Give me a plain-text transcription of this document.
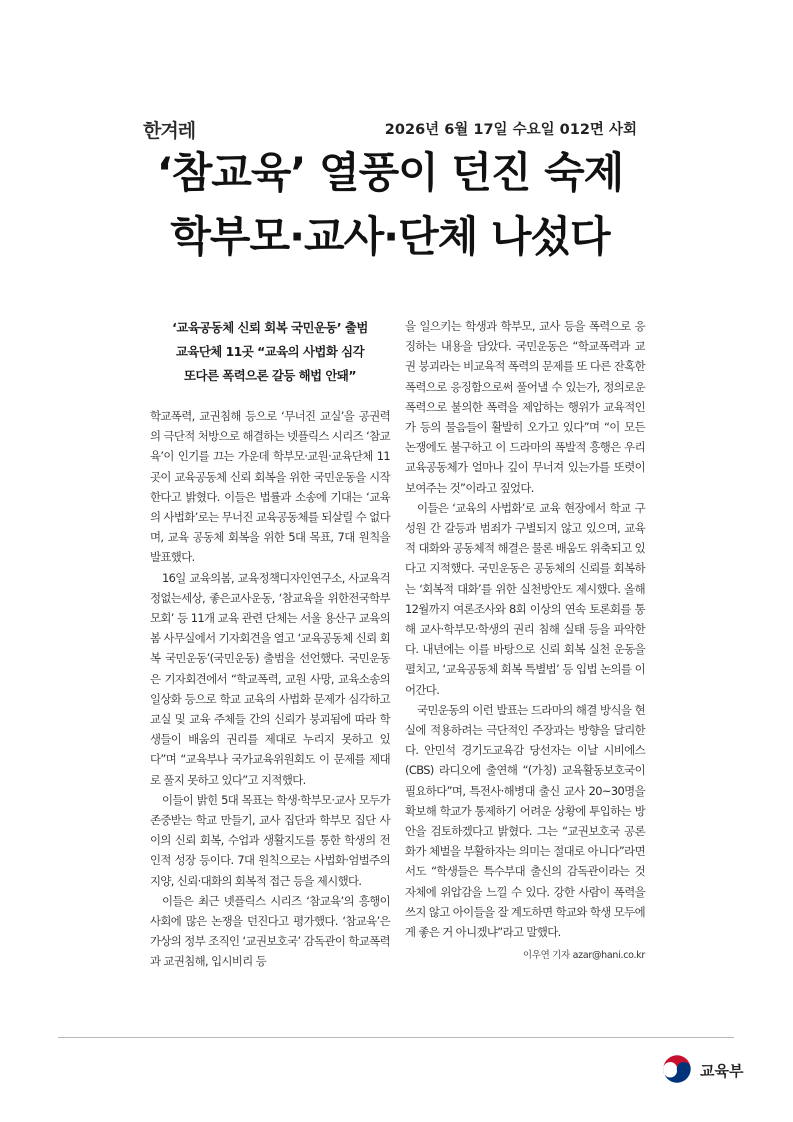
한겨레	2026년 6월 17일 수요일 012면 사회
‘참교육’ 열풍이 던진 숙제
학부모·교사·단체 나섰다
‘교육공동체 신뢰 회복 국민운동’ 출범
교육단체 11곳 “교육의 사법화 심각
또다른 폭력으론 갈등 해법 안돼”

학교폭력, 교권침해 등으로 ‘무너진 교실’을 공권력의 극단적 처방으로 해결하는 넷플릭스 시리즈 ‘참교육’이 인기를 끄는 가운데 학부모·교원·교육단체 11곳이 교육공동체 신뢰 회복을 위한 국민운동을 시작한다고 밝혔다. 이들은 법률과 소송에 기대는 ‘교육의 사법화’로는 무너진 교육공동체를 되살릴 수 없다며, 교육 공동체 회복을 위한 5대 목표, 7대 원칙을 발표했다.

16일 교육의봄, 교육정책디자인연구소, 사교육걱정없는세상, 좋은교사운동, ‘참교육을 위한전국학부모회’ 등 11개 교육 관련 단체는 서울 용산구 교육의봄 사무실에서 기자회견을 열고 ‘교육공동체 신뢰 회복 국민운동’(국민운동) 출범을 선언했다. 국민운동은 기자회견에서 “학교폭력, 교원 사망, 교육소송의 일상화 등으로 학교 교육의 사법화 문제가 심각하고 교실 및 교육 주체들 간의 신뢰가 붕괴됨에 따라 학생들이 배움의 권리를 제대로 누리지 못하고 있다”며 “교육부나 국가교육위원회도 이 문제를 제대로 풀지 못하고 있다”고 지적했다.

이들이 밝힌 5대 목표는 학생·학부모·교사 모두가 존중받는 학교 만들기, 교사 집단과 학부모 집단 사이의 신뢰 회복, 수업과 생활지도를 통한 학생의 전인적 성장 등이다. 7대 원칙으로는 사법화·엄벌주의 지양, 신뢰·대화의 회복적 접근 등을 제시했다.

이들은 최근 넷플릭스 시리즈 ‘참교육’의 흥행이 사회에 많은 논쟁을 던진다고 평가했다. ‘참교육’은 가상의 정부 조직인 ‘교권보호국’ 감독관이 학교폭력과 교권침해, 입시비리 등

을 일으키는 학생과 학부모, 교사 등을 폭력으로 응징하는 내용을 담았다. 국민운동은 “학교폭력과 교권 붕괴라는 비교육적 폭력의 문제를 또 다른 잔혹한 폭력으로 응징함으로써 풀어낼 수 있는가, 정의로운 폭력으로 불의한 폭력을 제압하는 행위가 교육적인가 등의 물음들이 활발히 오가고 있다”며 “이 모든 논쟁에도 불구하고 이 드라마의 폭발적 흥행은 우리 교육공동체가 얼마나 깊이 무너져 있는가를 또렷이 보여주는 것”이라고 짚었다.

이들은 ‘교육의 사법화’로 교육 현장에서 학교 구성원 간 갈등과 범죄가 구별되지 않고 있으며, 교육적 대화와 공동체적 해결은 물론 배움도 위축되고 있다고 지적했다. 국민운동은 공동체의 신뢰를 회복하는 ‘회복적 대화’를 위한 실천방안도 제시했다. 올해 12월까지 여론조사와 8회 이상의 연속 토론회를 통해 교사·학부모·학생의 권리 침해 실태 등을 파악한다. 내년에는 이를 바탕으로 신뢰 회복 실천 운동을 펼치고, ‘교육공동체 회복 특별법’ 등 입법 논의를 이어간다.

국민운동의 이런 발표는 드라마의 해결 방식을 현실에 적용하려는 극단적인 주장과는 방향을 달리한다. 안민석 경기도교육감 당선자는 이날 시비에스(CBS) 라디오에 출연해 “(가칭) 교육활동보호국이 필요하다”며, 특전사·해병대 출신 교사 20~30명을 확보해 학교가 통제하기 어려운 상황에 투입하는 방안을 검토하겠다고 밝혔다. 그는 “교권보호국 공론화가 체벌을 부활하자는 의미는 절대로 아니다”라면서도 “학생들은 특수부대 출신의 감독관이라는 것 자체에 위압감을 느낄 수 있다. 강한 사람이 폭력을 쓰지 않고 아이들을 잘 계도하면 학교와 학생 모두에게 좋은 거 아니겠냐”라고 말했다.

이우연 기자 azar@hani.co.kr
교육부
